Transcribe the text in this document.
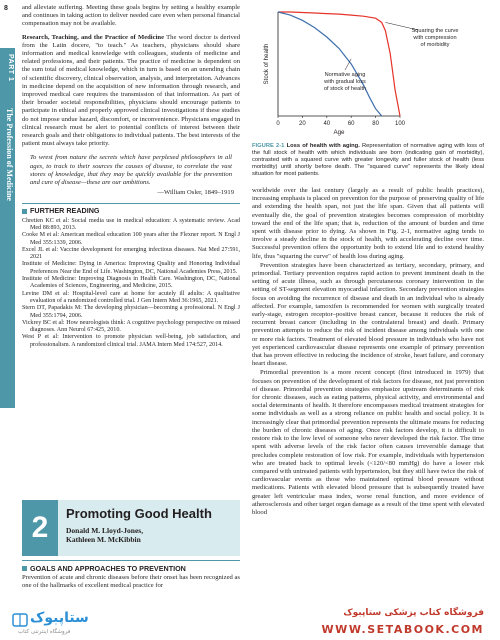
8
PART 1
The Profession of Medicine

and alleviate suffering. Meeting these goals begins by setting a healthy example and continues in taking action to deliver needed care even when personal financial compensation may not be available.

Research, Teaching, and the Practice of Medicine The word doctor is derived from the Latin docere, "to teach." As teachers, physicians should share information and medical knowledge with colleagues, students of medicine and related professions, and their patients. The practice of medicine is dependent on the sum total of medical knowledge, which in turn is based on an unending chain of scientific discovery, clinical observation, analysis, and interpretation. Advances in medicine depend on the acquisition of new information through research, and improved medical care requires the transmission of that information. As part of their broader societal responsibilities, physicians should encourage patients to participate in ethical and properly approved clinical investigations if these studies do not impose undue hazard, discomfort, or inconvenience. Physicians engaged in clinical research must be alert to potential conflicts of interest between their research goals and their obligations to individual patients. The best interests of the patient must always take priority.

To wrest from nature the secrets which have perplexed philosophers in all ages, to track to their sources the causes of disease, to correlate the vast stores of knowledge, that they may be quickly available for the prevention and cure of disease—these are our ambitions.

—William Osler, 1849–1919

FURTHER READING

Chretien KC et al: Social media use in medical education: A systematic review. Acad Med 88:893, 2013.

Cooke M et al: American medical education 100 years after the Flexner report. N Engl J Med 355:1339, 2006.

Excel JL et al: Vaccine development for emerging infectious diseases. Nat Med 27:591, 2021

Institute of Medicine: Dying in America: Improving Quality and Honoring Individual Preferences Near the End of Life. Washington, DC, National Academies Press, 2015.

Institute of Medicine: Improving Diagnosis in Health Care. Washington, DC, National Academies of Sciences, Engineering, and Medicine, 2015.

Levine DM et al: Hospital-level care at home for acutely ill adults: A qualitative evaluation of a randomized controlled trial. J Gen Intern Med 36:1965, 2021.

Stern DT, Papadakis M: The developing physician—becoming a professional. N Engl J Med 355:1794, 2006.

Vickrey BC et al: How neurologists think: A cognitive psychology perspective on missed diagnoses. Ann Neurol 67:425, 2010.

West P et al: Intervention to promote physician well-being, job satisfaction, and professionalism. A randomized clinical trial. JAMA Intern Med 174:527, 2014.

2	Promoting Good Health
Donald M. Lloyd-Jones,
Kathleen M. McKibbin
GOALS AND APPROACHES TO PREVENTION

Prevention of acute and chronic diseases before their onset has been recognized as one of the hallmarks of excellent medical practice for

0	20	40	60	80	100
Stock of health
Age
Squaring the curve
with compression
of morbidity
Normative aging
with gradual loss
of stock of health
FIGURE 2-1 Loss of health with aging. Representation of normative aging with loss of the full stock of health with which individuals are born (indicating gain of morbidity), contrasted with a squared curve with greater longevity and fuller stock of health (less morbidity) until shortly before death. The "squared curve" represents the likely ideal situation for most patients.

worldwide over the last century (largely as a result of public health practices), increasing emphasis is placed on prevention for the purpose of preserving quality of life and extending the health span, not just the life span. Given that all patients will eventually die, the goal of prevention strategies becomes compression of morbidity toward the end of the life span; that is, reduction of the amount of burden and time spent with disease prior to dying. As shown in Fig. 2-1, normative aging tends to involve a steady decline in the stock of health, with accelerating decline over time. Successful prevention offers the opportunity both to extend life and to extend healthy life, thus "squaring the curve" of health loss during aging.

Prevention strategies have been characterized as tertiary, secondary, primary, and primordial. Tertiary prevention requires rapid action to prevent imminent death in the setting of acute illness, such as through percutaneous coronary intervention in the setting of ST-segment elevation myocardial infarction. Secondary prevention strategies focus on avoiding the recurrence of disease and death in an individual who is already affected. For example, tamoxifen is recommended for women with surgically treated early-stage, estrogen receptor–positive breast cancer, because it reduces the risk of recurrent breast cancer (including in the contralateral breast) and death. Primary prevention attempts to reduce the risk of incident disease among individuals with one or more risk factors. Treatment of elevated blood pressure in individuals who have not yet experienced cardiovascular disease represents one example of primary prevention that has proven effective in reducing the incidence of stroke, heart failure, and coronary heart disease.

Primordial prevention is a more recent concept (first introduced in 1979) that focuses on prevention of the development of risk factors for disease, not just prevention of disease. Primordial prevention strategies emphasize upstream determinants of risk for chronic diseases, such as eating patterns, physical activity, and environmental and social determinants of health. It therefore encompasses medical treatment strategies for some individuals as well as a strong reliance on public health and social policy. It is increasingly clear that primordial prevention represents the ultimate means for reducing the burden of chronic diseases of aging. Once risk factors develop, it is difficult to restore risk to the low level of someone who never developed the risk factor. The time spent with adverse levels of the risk factor often causes irreversible damage that precludes complete restoration of low risk. For example, individuals with hypertension who are treated back to optimal levels (<120/<80 mmHg) do have a lower risk compared with untreated patients with hypertension, but they still have twice the risk of cardiovascular events as those who maintained optimal blood pressure without medications. Patients with elevated blood pressure that is subsequently treated have greater left ventricular mass index, worse renal function, and more evidence of atherosclerosis and other target organ damage as a result of the time spent with elevated blood

ستاپبوک
فروشگاه اینترنتی کتاب
فروشگاه کتاب پزشکی ستاپبوک
WWW.SETABOOK.COM
